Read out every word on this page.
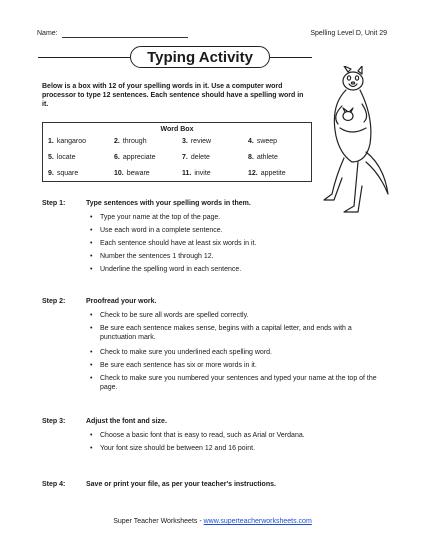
Name:	Spelling Level D, Unit 29
Typing Activity
Below is a box with 12 of your spelling words in it. Use a computer word processor to type 12 sentences. Each sentence should have a spelling word in it.
Word Box
1. kangaroo	2. through	3. review	4. sweep
5. locate	6. appreciate	7. delete	8. athlete
9. square	10. beware	11. invite	12. appetite
Step 1:	Type sentences with your spelling words in them.
• Type your name at the top of the page.
• Use each word in a complete sentence.
• Each sentence should have at least six words in it.
• Number the sentences 1 through 12.
• Underline the spelling word in each sentence.
Step 2:	Proofread your work.
• Check to be sure all words are spelled correctly.
• Be sure each sentence makes sense, begins with a capital letter, and ends with a punctuation mark.
• Check to make sure you underlined each spelling word.
• Be sure each sentence has six or more words in it.
• Check to make sure you numbered your sentences and typed your name at the top of the page.
Step 3:	Adjust the font and size.
• Choose a basic font that is easy to read, such as Arial or Verdana.
• Your font size should be between 12 and 16 point.
Step 4:	Save or print your file, as per your teacher's instructions.
Super Teacher Worksheets - www.superteacherworksheets.com
